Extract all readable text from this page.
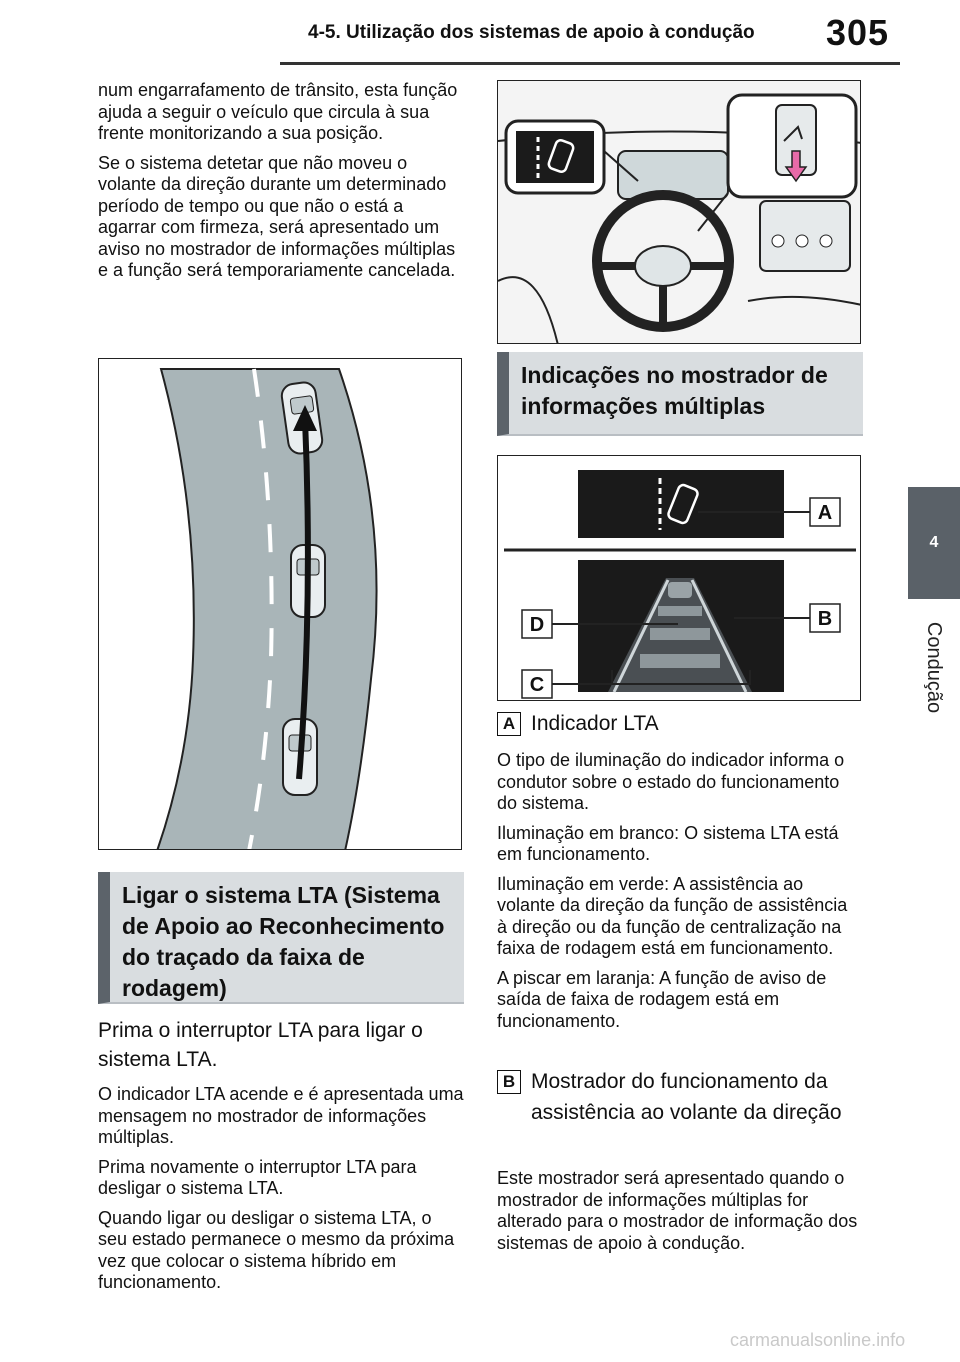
4-5. Utilização dos sistemas de apoio à condução 305
4
Condução

num engarrafamento de trânsito, esta função ajuda a seguir o veículo que circula à sua frente monitorizando a sua posição.

Se o sistema detetar que não moveu o volante da direção durante um determinado período de tempo ou que não o está a agarrar com firmeza, será apresentado um aviso no mostrador de informações múltiplas e a função será temporariamente cancelada.

Ligar o sistema LTA (Sistema de Apoio ao Reconhecimento do traçado da faixa de rodagem)

Prima o interruptor LTA para ligar o sistema LTA.

O indicador LTA acende e é apresentada uma mensagem no mostrador de informações múltiplas.

Prima novamente o interruptor LTA para desligar o sistema LTA.

Quando ligar ou desligar o sistema LTA, o seu estado permanece o mesmo da próxima vez que colocar o sistema híbrido em funcionamento.

Indicações no mostrador de informações múltiplas
A
B
C
D
A Indicador LTA

O tipo de iluminação do indicador informa o condutor sobre o estado do funcionamento do sistema.

Iluminação em branco: O sistema LTA está em funcionamento.

Iluminação em verde: A assistência ao volante da direção da função de assistência à direção ou da função de centralização na faixa de rodagem está em funcionamento.

A piscar em laranja: A função de aviso de saída de faixa de rodagem está em funcionamento.

B Mostrador do funcionamento da assistência ao volante da direção

Este mostrador será apresentado quando o mostrador de informações múltiplas for alterado para o mostrador de informação dos sistemas de apoio à condução.

carmanualsonline.info
